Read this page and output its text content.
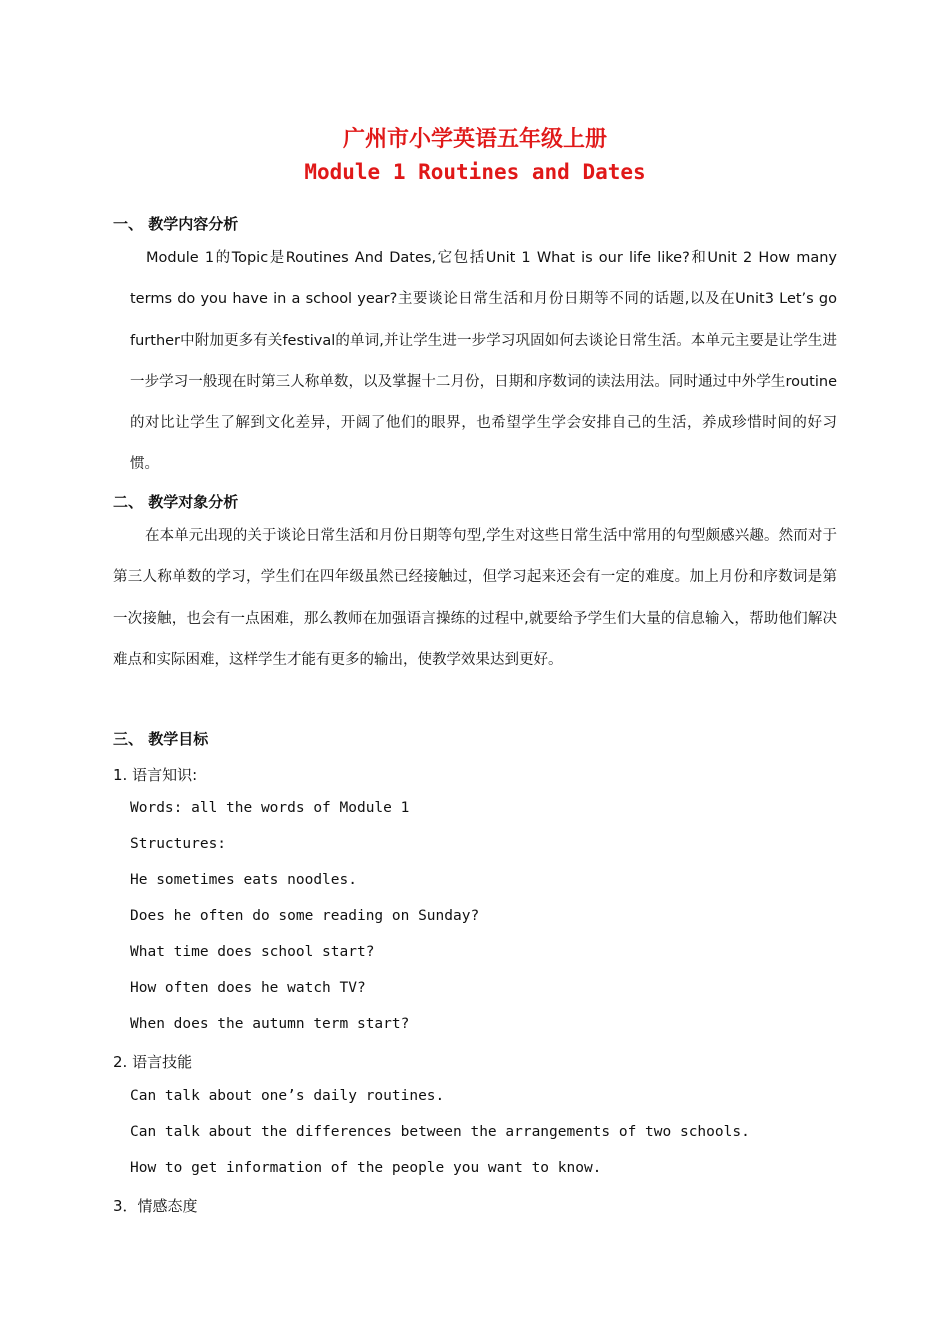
广州市小学英语五年级上册
Module 1 Routines and Dates
一、 教学内容分析

Module 1的Topic是Routines And Dates,它包括Unit 1 What is our life like?和Unit 2 How many terms do you have in a school year?主要谈论日常生活和月份日期等不同的话题,以及在Unit3 Let’s go further中附加更多有关festival的单词,并让学生进一步学习巩固如何去谈论日常生活。本单元主要是让学生进一步学习一般现在时第三人称单数，以及掌握十二月份，日期和序数词的读法用法。同时通过中外学生routine的对比让学生了解到文化差异，开阔了他们的眼界，也希望学生学会安排自己的生活，养成珍惜时间的好习惯。

二、 教学对象分析

在本单元出现的关于谈论日常生活和月份日期等句型,学生对这些日常生活中常用的句型颇感兴趣。然而对于第三人称单数的学习，学生们在四年级虽然已经接触过，但学习起来还会有一定的难度。加上月份和序数词是第一次接触，也会有一点困难，那么教师在加强语言操练的过程中,就要给予学生们大量的信息输入，帮助他们解决难点和实际困难，这样学生才能有更多的输出，使教学效果达到更好。

三、 教学目标
1. 语言知识:
Words: all the words of Module 1
Structures:
He sometimes eats noodles.
Does he often do some reading on Sunday?
What time does school start?
How often does he watch TV?
When does the autumn term start?
2. 语言技能
Can talk about one’s daily routines.
Can talk about the differences between the arrangements of two schools.
How to get information of the people you want to know.
3．情感态度
